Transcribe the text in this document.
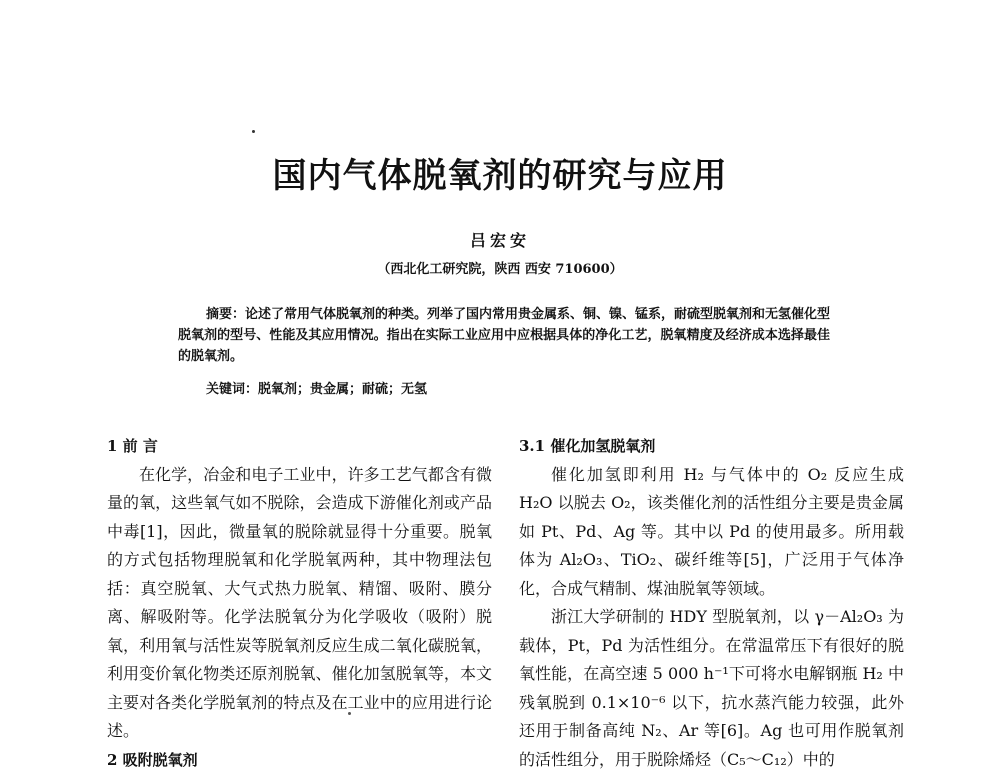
国内气体脱氧剂的研究与应用
吕宏安
（西北化工研究院，陕西 西安 710600）
摘要：论述了常用气体脱氧剂的种类。列举了国内常用贵金属系、铜、镍、锰系，耐硫型脱氧剂和无氢催化型脱氧剂的型号、性能及其应用情况。指出在实际工业应用中应根据具体的净化工艺，脱氧精度及经济成本选择最佳的脱氧剂。
关键词：脱氧剂；贵金属；耐硫；无氢
1 前 言

在化学，冶金和电子工业中，许多工艺气都含有微量的氧，这些氧气如不脱除，会造成下游催化剂或产品中毒[1]，因此，微量氧的脱除就显得十分重要。脱氧的方式包括物理脱氧和化学脱氧两种，其中物理法包括：真空脱氧、大气式热力脱氧、精馏、吸附、膜分离、解吸附等。化学法脱氧分为化学吸收（吸附）脱氧，利用氧与活性炭等脱氧剂反应生成二氧化碳脱氧，利用变价氧化物类还原剂脱氧、催化加氢脱氧等，本文主要对各类化学脱氧剂的特点及在工业中的应用进行论述。

2 吸附脱氧剂
3.1 催化加氢脱氧剂

催化加氢即利用 H₂ 与气体中的 O₂ 反应生成 H₂O 以脱去 O₂，该类催化剂的活性组分主要是贵金属如 Pt、Pd、Ag 等。其中以 Pd 的使用最多。所用载体为 Al₂O₃、TiO₂、碳纤维等[5]，广泛用于气体净化，合成气精制、煤油脱氧等领域。

浙江大学研制的 HDY 型脱氧剂，以 γ－Al₂O₃ 为载体，Pt，Pd 为活性组分。在常温常压下有很好的脱氧性能，在高空速 5 000 h⁻¹下可将水电解钢瓶 H₂ 中残氧脱到 0.1×10⁻⁶ 以下，抗水蒸汽能力较强，此外还用于制备高纯 N₂、Ar 等[6]。Ag 也可用作脱氧剂的活性组分，用于脱除烯烃（C₅～C₁₂）中的
